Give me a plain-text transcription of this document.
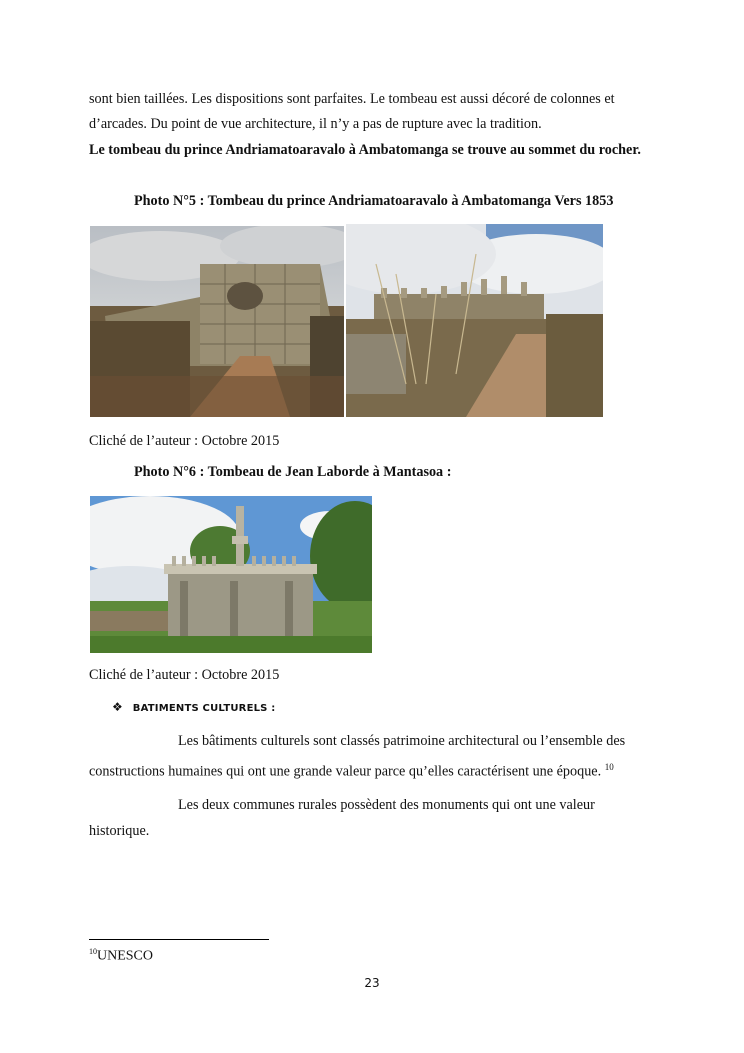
sont bien taillées. Les dispositions sont parfaites. Le tombeau est aussi décoré de colonnes et

d’arcades. Du point de vue architecture, il n’y a pas de rupture avec la tradition.

Le tombeau du prince Andriamatoaravalo à Ambatomanga se trouve au sommet du rocher.

Photo N°5 : Tombeau du prince Andriamatoaravalo à Ambatomanga Vers 1853
Cliché de l’auteur : Octobre 2015
Photo N°6 : Tombeau de Jean Laborde à Mantasoa :
Cliché de l’auteur : Octobre 2015
❖ BATIMENTS CULTURELS :

Les bâtiments culturels sont classés patrimoine architectural ou l’ensemble des

constructions humaines qui ont une grande valeur parce qu’elles caractérisent une époque. $^{10}$

Les deux communes rurales possèdent des monuments qui ont une valeur

historique.

$^{10}$UNESCO
23
